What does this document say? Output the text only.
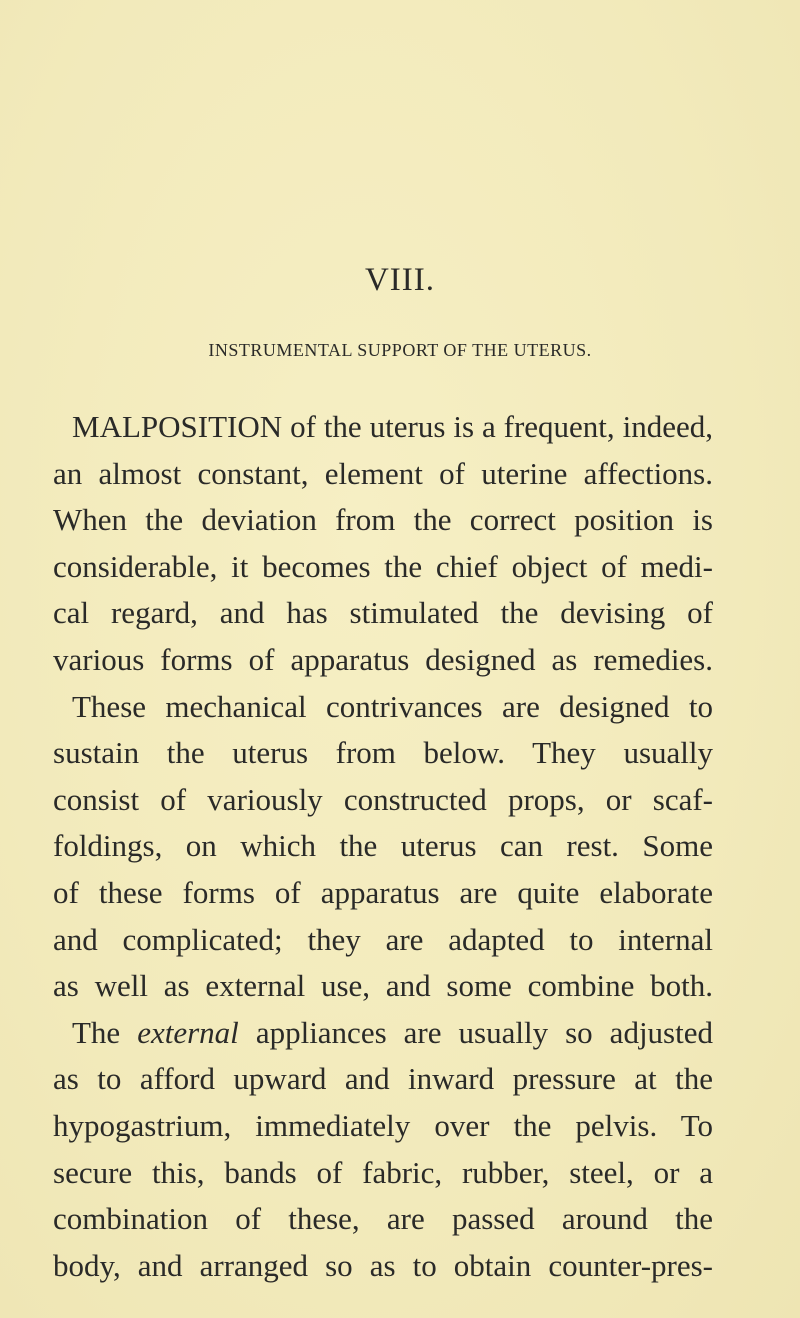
VIII.
INSTRUMENTAL SUPPORT OF THE UTERUS.
MALPOSITION of the uterus is a frequent, indeed,
an almost constant, element of uterine affections.
When the deviation from the correct position is
considerable, it becomes the chief object of medi-
cal regard, and has stimulated the devising of
various forms of apparatus designed as remedies.
These mechanical contrivances are designed to
sustain the uterus from below. They usually
consist of variously constructed props, or scaf-
foldings, on which the uterus can rest. Some
of these forms of apparatus are quite elaborate
and complicated; they are adapted to internal
as well as external use, and some combine both.
The external appliances are usually so adjusted
as to afford upward and inward pressure at the
hypogastrium, immediately over the pelvis. To
secure this, bands of fabric, rubber, steel, or a
combination of these, are passed around the
body, and arranged so as to obtain counter-pres-
